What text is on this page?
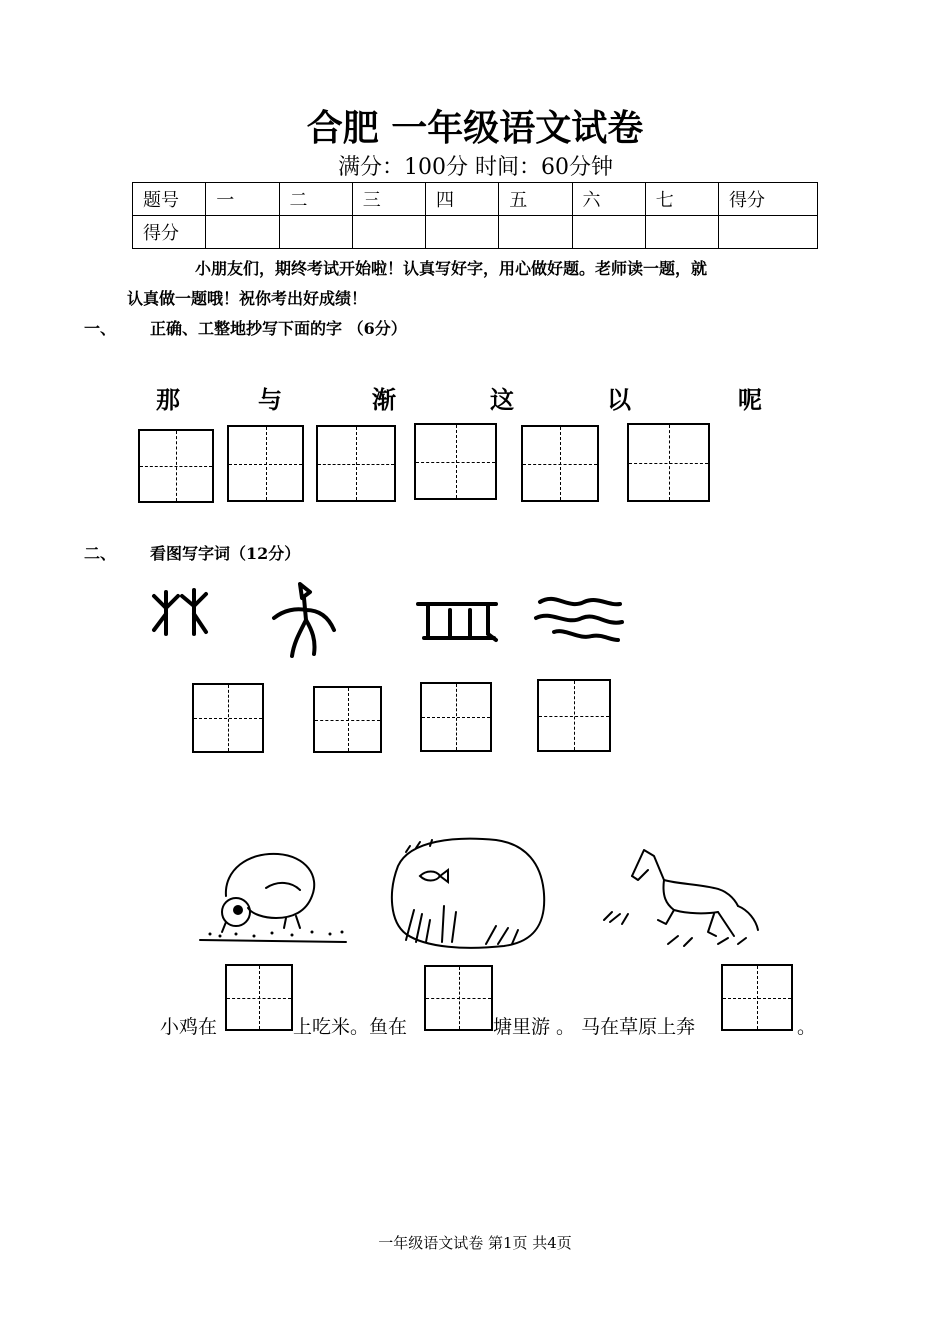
合肥 一年级语文试卷
满分：100分 时间：60分钟
题号	一	二	三	四	五	六	七	得分
得分								
小朋友们，期终考试开始啦！认真写好字，用心做好题。老师读一题，就
认真做一题哦！祝你考出好成绩！
一、 正确、工整地抄写下面的字 （6分）
那	与	渐	这	以	呢
二、 看图写字词（12分）
小鸡在	上吃米。鱼在	塘里游 。 马在草原上奔	。
一年级语文试卷 第1页 共4页
